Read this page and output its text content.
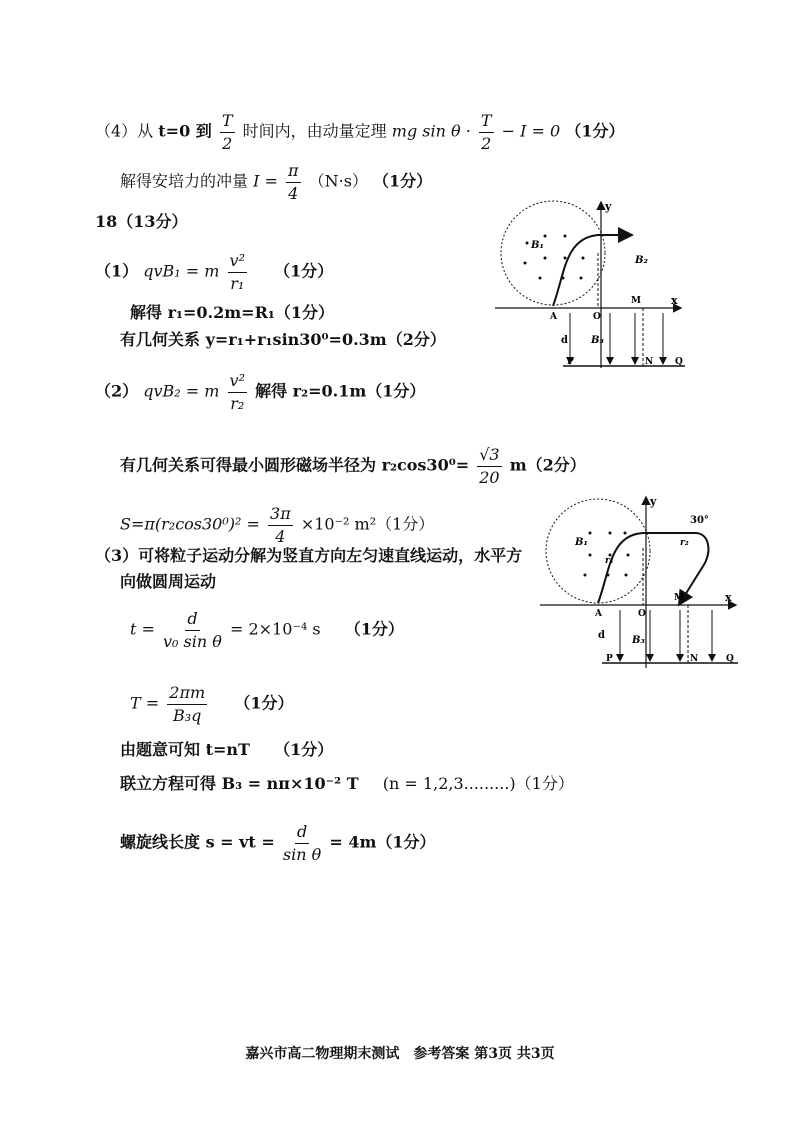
（4）从 t=0 到 $\frac{T}{2}$ 时间内，由动量定理 mg $\sin \theta \cdot \frac{T}{2} - I = 0$ （1分）
解得安培力的冲量 $I = \frac{\pi}{4} (N\cdot s)$ （1分）
18（13分）
（1） qvB₁ = m $\frac{\text{v²}}{\text{r₁}} (1$分）
解得 r₁=0.2m=R₁（1分）
有几何关系 y=r₁+r₁sin30⁰=0.3m（2分）
（2） qvB₂ = m $\frac{\text{v²}}{\text{r₂}}$ 解得 r₂=0.1m（1分）
有几何关系可得最小圆形磁场半径为 $r_2\cos 30^0= \frac{√3}{20} m(2$分）
$S=\pi(r_2\cos 30^0)^2 = \frac{3\pi}{4} \times 10^{-2}$ m²（1分）
（3）可将粒子运动分解为竖直方向左匀速直线运动，水平方
向做圆周运动
$t = \frac{d}{\text{v₀ sin θ}} = 2\times 10^{-4}$ s （1分）
$T = \frac{2\pi m}{\text{B₃q}} (1$分）
由题意可知 t=nT （1分）
联立方程可得 B₃ = nπ×10⁻² T (n = 1,2,3.........)（1分）
螺旋线长度 s = vt = $\frac{d}{\text{sin θ}} = 4m(1$分）
B₁
B₂
B₃
y
x
A	O
M
d
P	N Q
B₁
B₃
r₁
r₂
30°
y
x
A	O
M
d
P	N	Q
嘉兴市高二物理期末测试　参考答案 第3页 共3页
